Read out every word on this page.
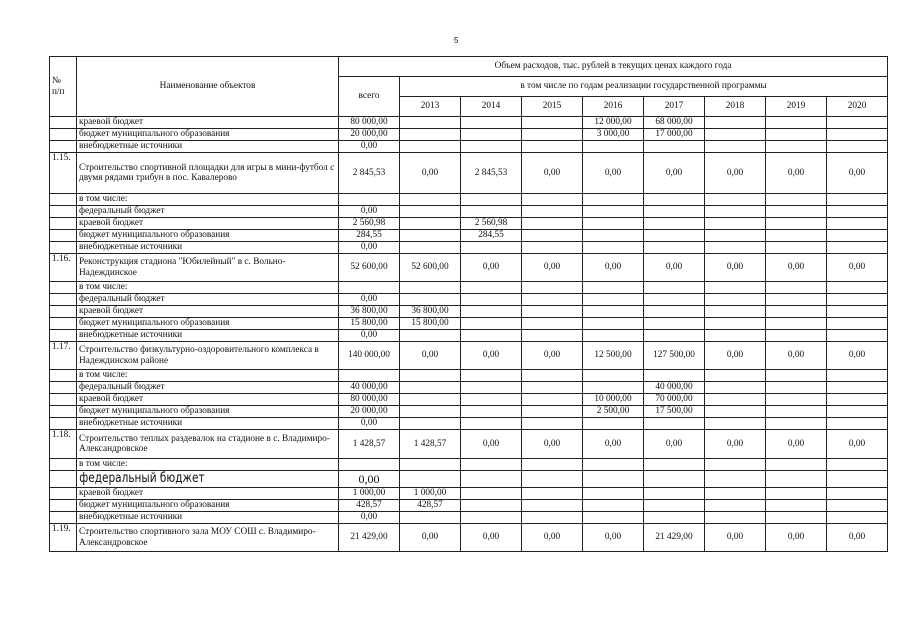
5
№
п/п	Наименование объектов	Объем расходов, тыс. рублей в текущих ценах каждого года								
		всего	в том числе по годам реализации государственной программы							
			2013	2014	2015	2016	2017	2018	2019	2020
	краевой бюджет	80 000,00				12 000,00	68 000,00			
	бюджет муниципального образования	20 000,00				3 000,00	17 000,00			
	внебюджетные источники	0,00								
1.15.	Строительство спортивной площадки для игры в мини-футбол с двумя рядами трибун в пос. Кавалерово	2 845,53	0,00	2 845,53	0,00	0,00	0,00	0,00	0,00	0,00
	в том числе:									
	федеральный бюджет	0,00								
	краевой бюджет	2 560,98		2 560,98						
	бюджет муниципального образования	284,55		284,55						
	внебюджетные источники	0,00								
1.16.	Реконструкция стадиона "Юбилейный" в с. Вольно-Надеждинское	52 600,00	52 600,00	0,00	0,00	0,00	0,00	0,00	0,00	0,00
	в том числе:									
	федеральный бюджет	0,00								
	краевой бюджет	36 800,00	36 800,00							
	бюджет муниципального образования	15 800,00	15 800,00							
	внебюджетные источники	0,00								
1.17.	Строительство физкультурно-оздоровительного комплекса в Надеждинском районе	140 000,00	0,00	0,00	0,00	12 500,00	127 500,00	0,00	0,00	0,00
	в том числе:									
	федеральный бюджет	40 000,00					40 000,00			
	краевой бюджет	80 000,00				10 000,00	70 000,00			
	бюджет муниципального образования	20 000,00				2 500,00	17 500,00			
	внебюджетные источники	0,00								
1.18.	Строительство теплых раздевалок на стадионе в с. Владимиро-Александровское	1 428,57	1 428,57	0,00	0,00	0,00	0,00	0,00	0,00	0,00
	в том числе:									
	федеральный бюджет	0,00								
	краевой бюджет	1 000,00	1 000,00							
	бюджет муниципального образования	428,57	428,57							
	внебюджетные источники	0,00								
1.19.	Строительство спортивного зала МОУ СОШ с. Владимиро-Александровское	21 429,00	0,00	0,00	0,00	0,00	21 429,00	0,00	0,00	0,00
